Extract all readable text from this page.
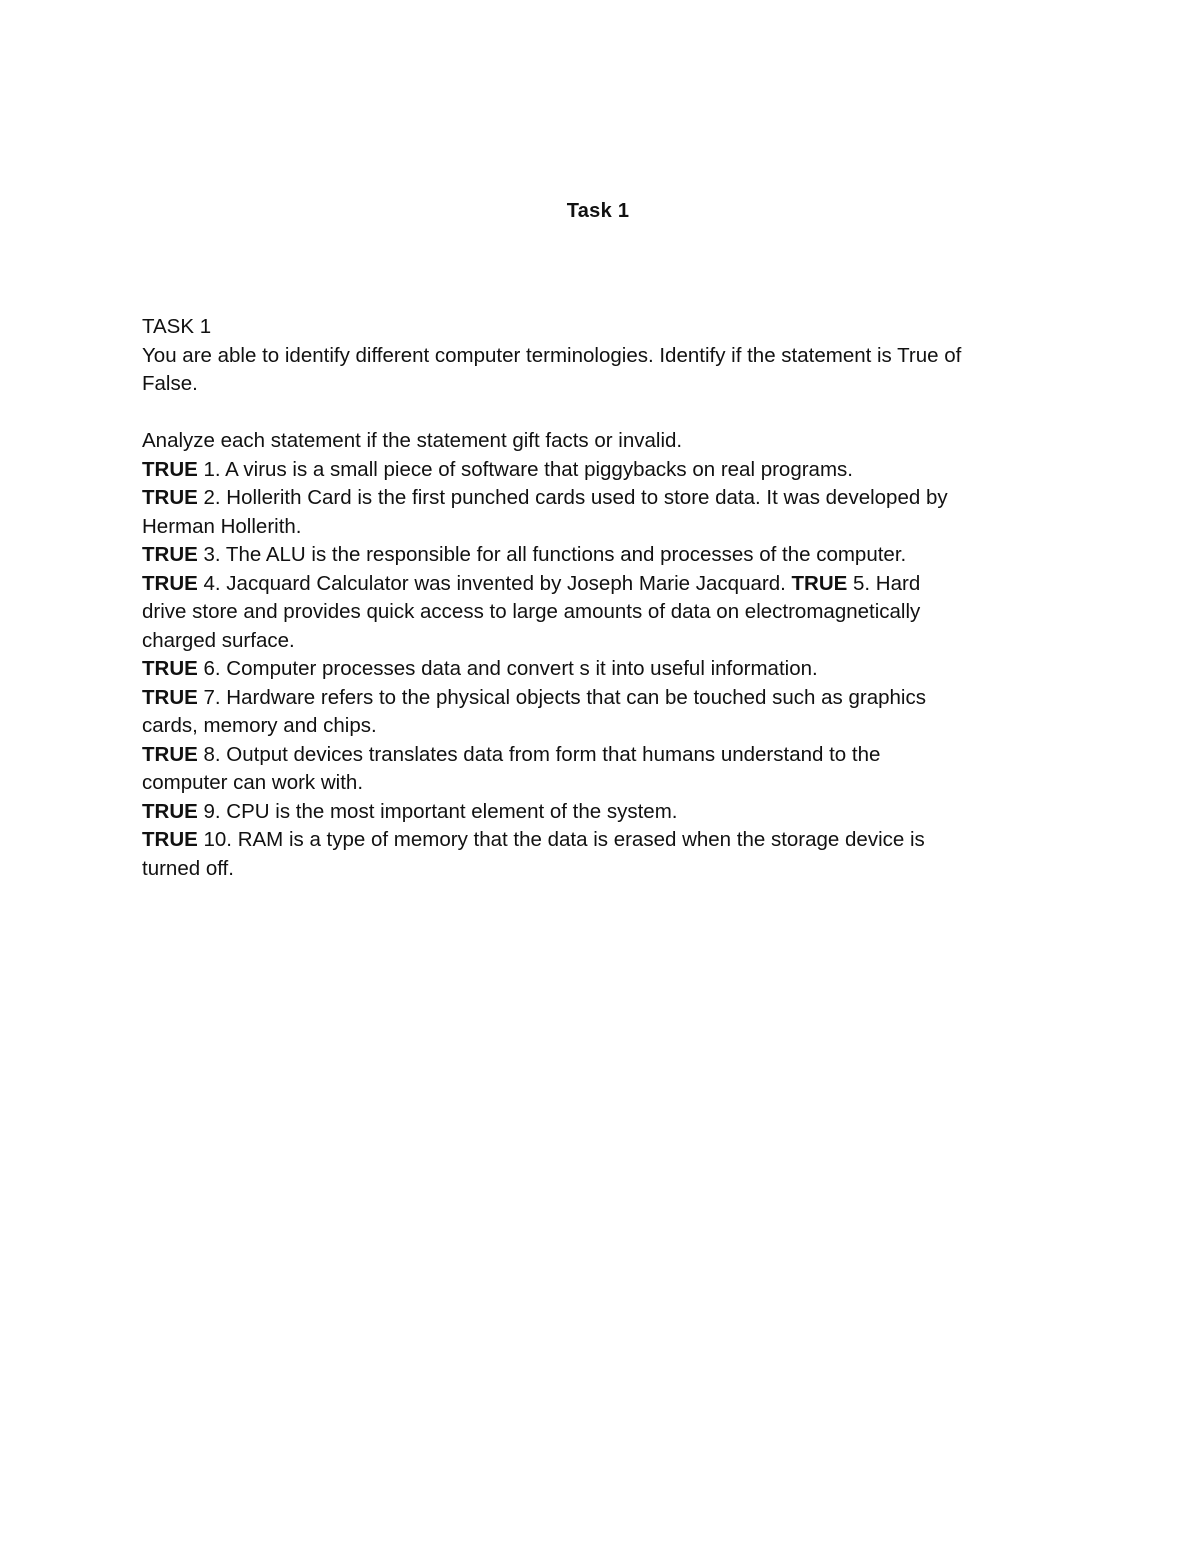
Task 1

TASK 1

You are able to identify different computer terminologies. Identify if the statement is True of False.

Analyze each statement if the statement gift facts or invalid.

TRUE 1. A virus is a small piece of software that piggybacks on real programs.

TRUE 2. Hollerith Card is the first punched cards used to store data. It was developed by Herman Hollerith.

TRUE 3. The ALU is the responsible for all functions and processes of the computer.

TRUE 4. Jacquard Calculator was invented by Joseph Marie Jacquard. TRUE 5. Hard drive store and provides quick access to large amounts of data on electromagnetically charged surface.

TRUE 6. Computer processes data and convert s it into useful information.

TRUE 7. Hardware refers to the physical objects that can be touched such as graphics cards, memory and chips.

TRUE 8. Output devices translates data from form that humans understand to the computer can work with.

TRUE 9. CPU is the most important element of the system.

TRUE 10. RAM is a type of memory that the data is erased when the storage device is turned off.
